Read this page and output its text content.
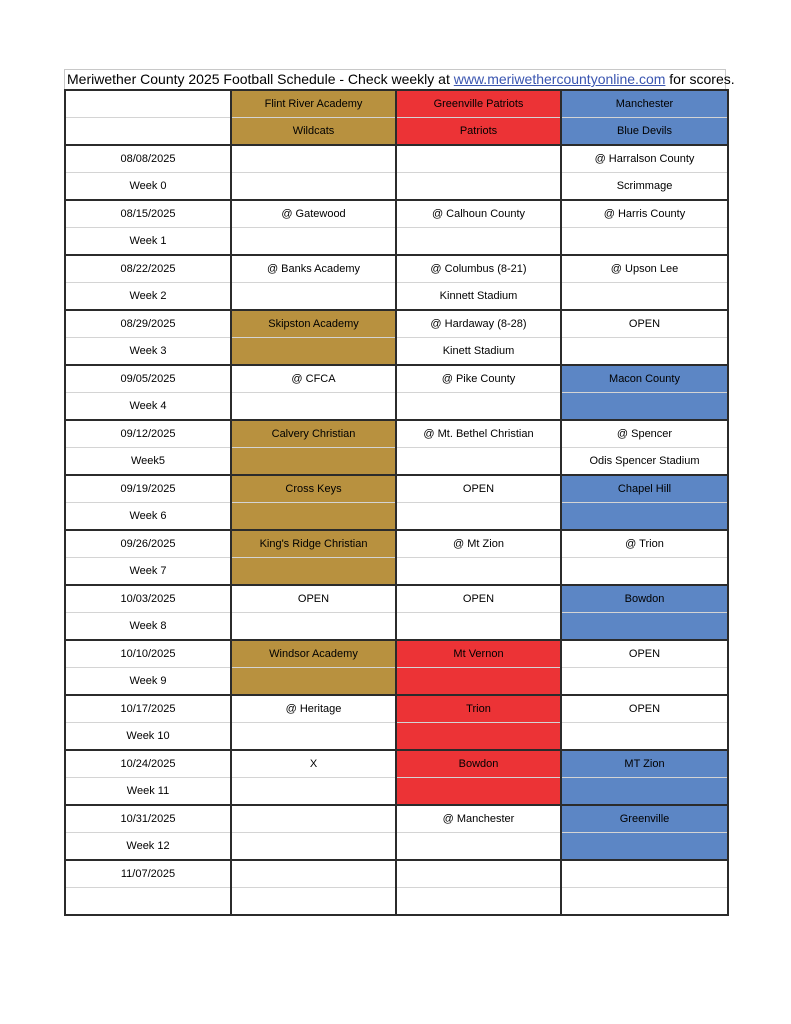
Meriwether County 2025 Football Schedule - Check weekly at www.meriwethercountyonline.com for scores.
	Flint River Academy	Greenville Patriots	Manchester
	Wildcats	Patriots	Blue Devils
08/08/2025			@ Harralson County
Week 0			Scrimmage
08/15/2025	@ Gatewood	@ Calhoun County	@ Harris County
Week 1			
08/22/2025	@ Banks Academy	@ Columbus (8-21)	@ Upson Lee
Week 2		Kinnett Stadium	
08/29/2025	Skipston Academy	@ Hardaway (8-28)	OPEN
Week 3		Kinett Stadium	
09/05/2025	@ CFCA	@ Pike County	Macon County
Week 4			
09/12/2025	Calvery Christian	@ Mt. Bethel Christian	@ Spencer
Week5			Odis Spencer Stadium
09/19/2025	Cross Keys	OPEN	Chapel Hill
Week 6			
09/26/2025	King's Ridge Christian	@ Mt Zion	@ Trion
Week 7			
10/03/2025	OPEN	OPEN	Bowdon
Week 8			
10/10/2025	Windsor Academy	Mt Vernon	OPEN
Week 9			
10/17/2025	@ Heritage	Trion	OPEN
Week 10			
10/24/2025	X	Bowdon	MT Zion
Week 11			
10/31/2025		@ Manchester	Greenville
Week 12			
11/07/2025			
